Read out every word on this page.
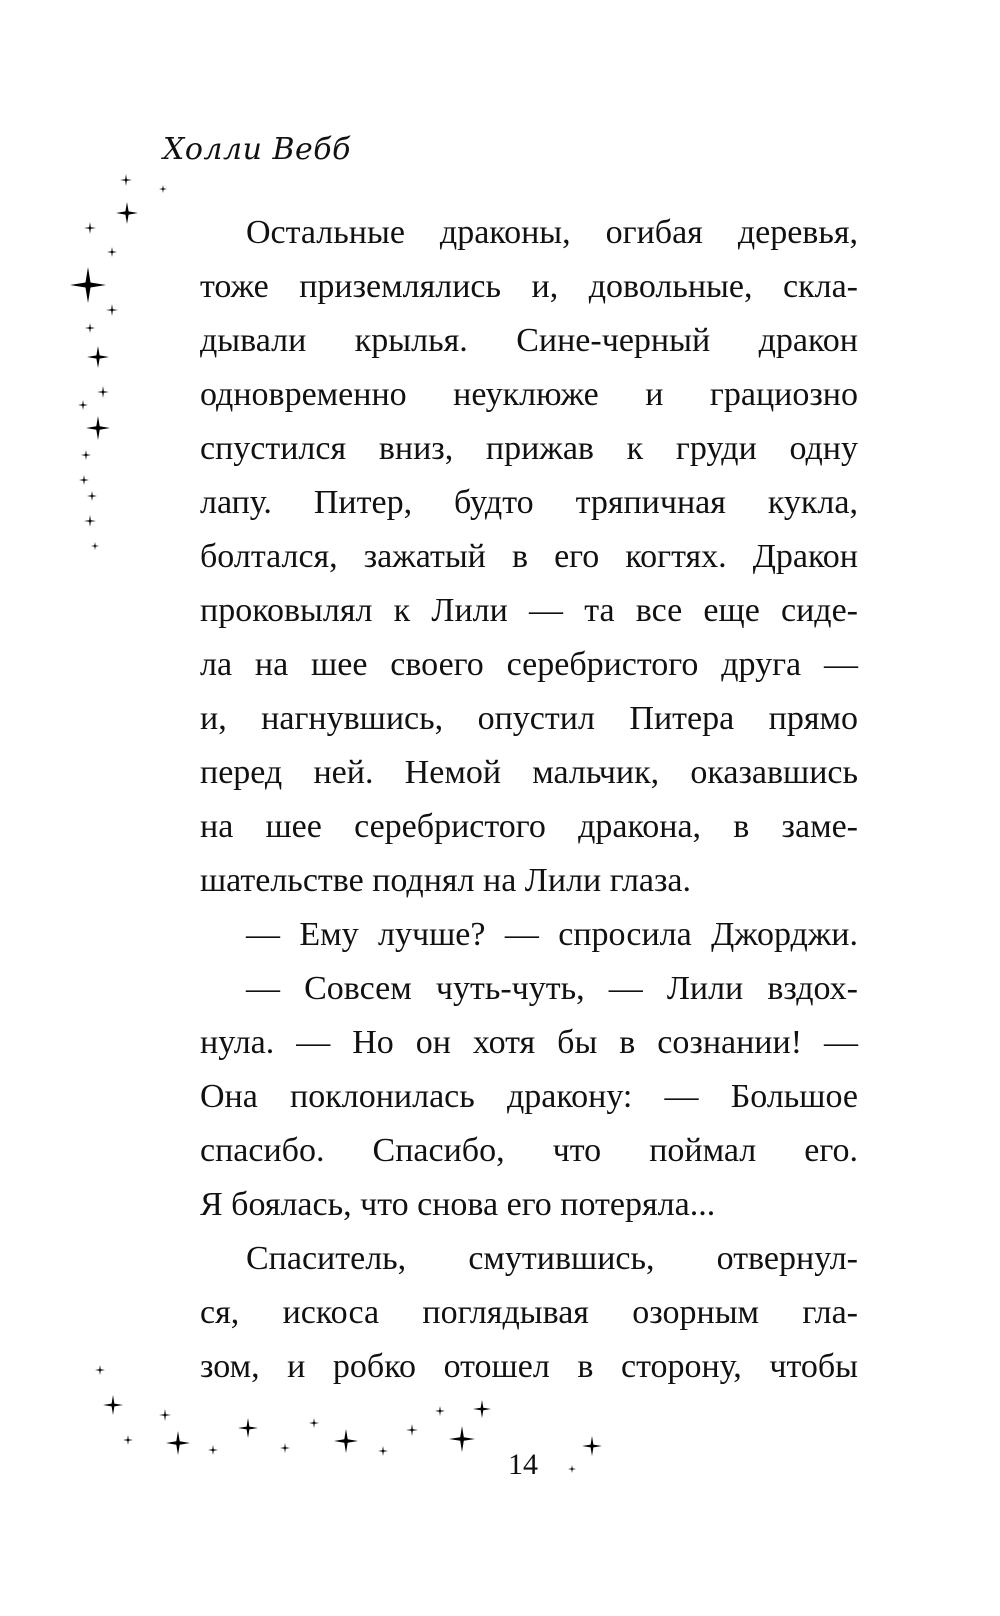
Холли Вебб
Остальные драконы, огибая деревья,
тоже приземлялись и, довольные, скла-
дывали крылья. Сине-черный дракон
одновременно неуклюже и грациозно
спустился вниз, прижав к груди одну
лапу. Питер, будто тряпичная кукла,
болтался, зажатый в его когтях. Дракон
проковылял к Лили — та все еще сиде-
ла на шее своего серебристого друга —
и, нагнувшись, опустил Питера прямо
перед ней. Немой мальчик, оказавшись
на шее серебристого дракона, в заме-
шательстве поднял на Лили глаза.
— Ему лучше? — спросила Джорджи.
— Совсем чуть-чуть, — Лили вздох-
нула. — Но он хотя бы в сознании! —
Она поклонилась дракону: — Большое
спасибо. Спасибо, что поймал его.
Я боялась, что снова его потеряла...
Спаситель, смутившись, отвернул-
ся, искоса поглядывая озорным гла-
зом, и робко отошел в сторону, чтобы
14
